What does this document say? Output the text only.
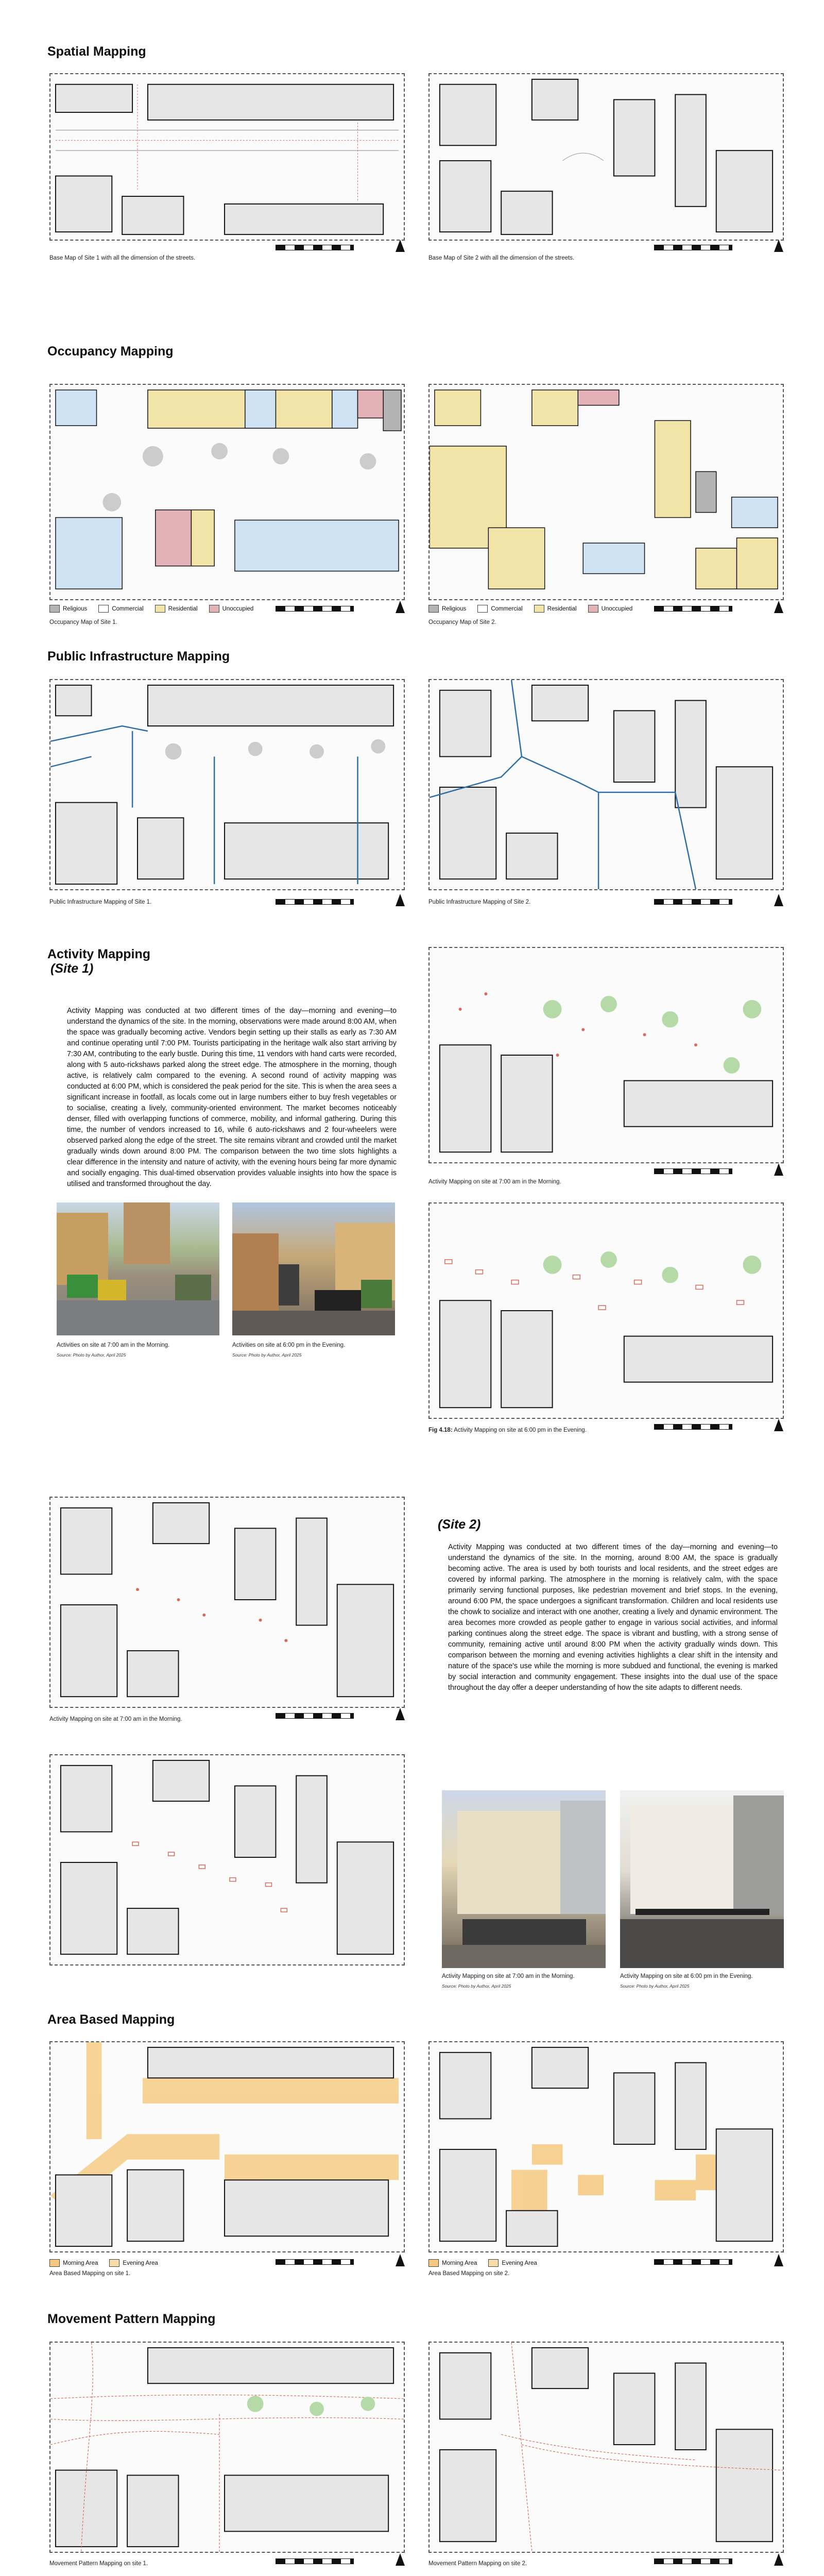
Spatial Mapping

Base Map of Site 1 with all the dimension of the streets.	Base Map of Site 2 with all the dimension of the streets.

Occupancy Mapping
Religious	Commercial	Residential	Unoccupied

Occupancy Map of Site 1.

Religious	Commercial	Residential	Unoccupied

Occupancy Map of Site 2.

Public Infrastructure Mapping

Public Infrastructure Mapping of Site 1.	Public Infrastructure Mapping of Site 2.

Activity Mapping
(Site 1)

Activity Mapping was conducted at two different times of the day—morning and evening—to understand the dynamics of the site. In the morning, observations were made around 8:00 AM, when the space was gradually becoming active. Vendors begin setting up their stalls as early as 7:30 AM and continue operating until 7:00 PM. Tourists participating in the heritage walk also start arriving by 7:30 AM, contributing to the early bustle. During this time, 11 vendors with hand carts were recorded, along with 5 auto-rickshaws parked along the street edge. The atmosphere in the morning, though active, is relatively calm compared to the evening. A second round of activity mapping was conducted at 6:00 PM, which is considered the peak period for the site. This is when the area sees a significant increase in footfall, as locals come out in large numbers either to buy fresh vegetables or to socialise, creating a lively, community-oriented environment. The market becomes noticeably denser, filled with overlapping functions of commerce, mobility, and informal gathering. During this time, the number of vendors increased to 16, while 6 auto-rickshaws and 2 four-wheelers were observed parked along the edge of the street. The site remains vibrant and crowded until the market gradually winds down around 8:00 PM. The comparison between the two time slots highlights a clear difference in the intensity and nature of activity, with the evening hours being far more dynamic and socially engaging. This dual-timed observation provides valuable insights into how the space is utilised and transformed throughout the day.	Activity Mapping on site at 7:00 am in the Morning.

Activities on site at 7:00 am in the Morning.

Source: Photo by Author, April 2025

Activities on site at 6:00 pm in the Evening.

Source: Photo by Author, April 2025

Fig 4.18: Activity Mapping on site at 6:00 pm in the Evening.

Activity Mapping on site at 7:00 am in the Morning.

(Site 2)

Activity Mapping was conducted at two different times of the day—morning and evening—to understand the dynamics of the site. In the morning, around 8:00 AM, the space is gradually becoming active. The area is used by both tourists and local residents, and the street edges are covered by informal parking. The atmosphere in the morning is relatively calm, with the space primarily serving functional purposes, like pedestrian movement and brief stops. In the evening, around 6:00 PM, the space undergoes a significant transformation. Children and local residents use the chowk to socialize and interact with one another, creating a lively and dynamic environment. The area becomes more crowded as people gather to engage in various social activities, and informal parking continues along the street edge. The space is vibrant and bustling, with a strong sense of community, remaining active until around 8:00 PM when the activity gradually winds down. This comparison between the morning and evening activities highlights a clear shift in the intensity and nature of the space's use while the morning is more subdued and functional, the evening is marked by social interaction and community engagement. These insights into the dual use of the space throughout the day offer a deeper understanding of how the site adapts to different needs.

Activity Mapping on site at 7:00 am in the Morning.

Source: Photo by Author, April 2025

Activity Mapping on site at 6:00 pm in the Evening.

Source: Photo by Author, April 2025

Area Based Mapping
Morning Area	Evening Area

Area Based Mapping on site 1.

Morning Area	Evening Area

Area Based Mapping on site 2.

Movement Pattern Mapping

Movement Pattern Mapping on site 1.	Movement Pattern Mapping on site 2.
